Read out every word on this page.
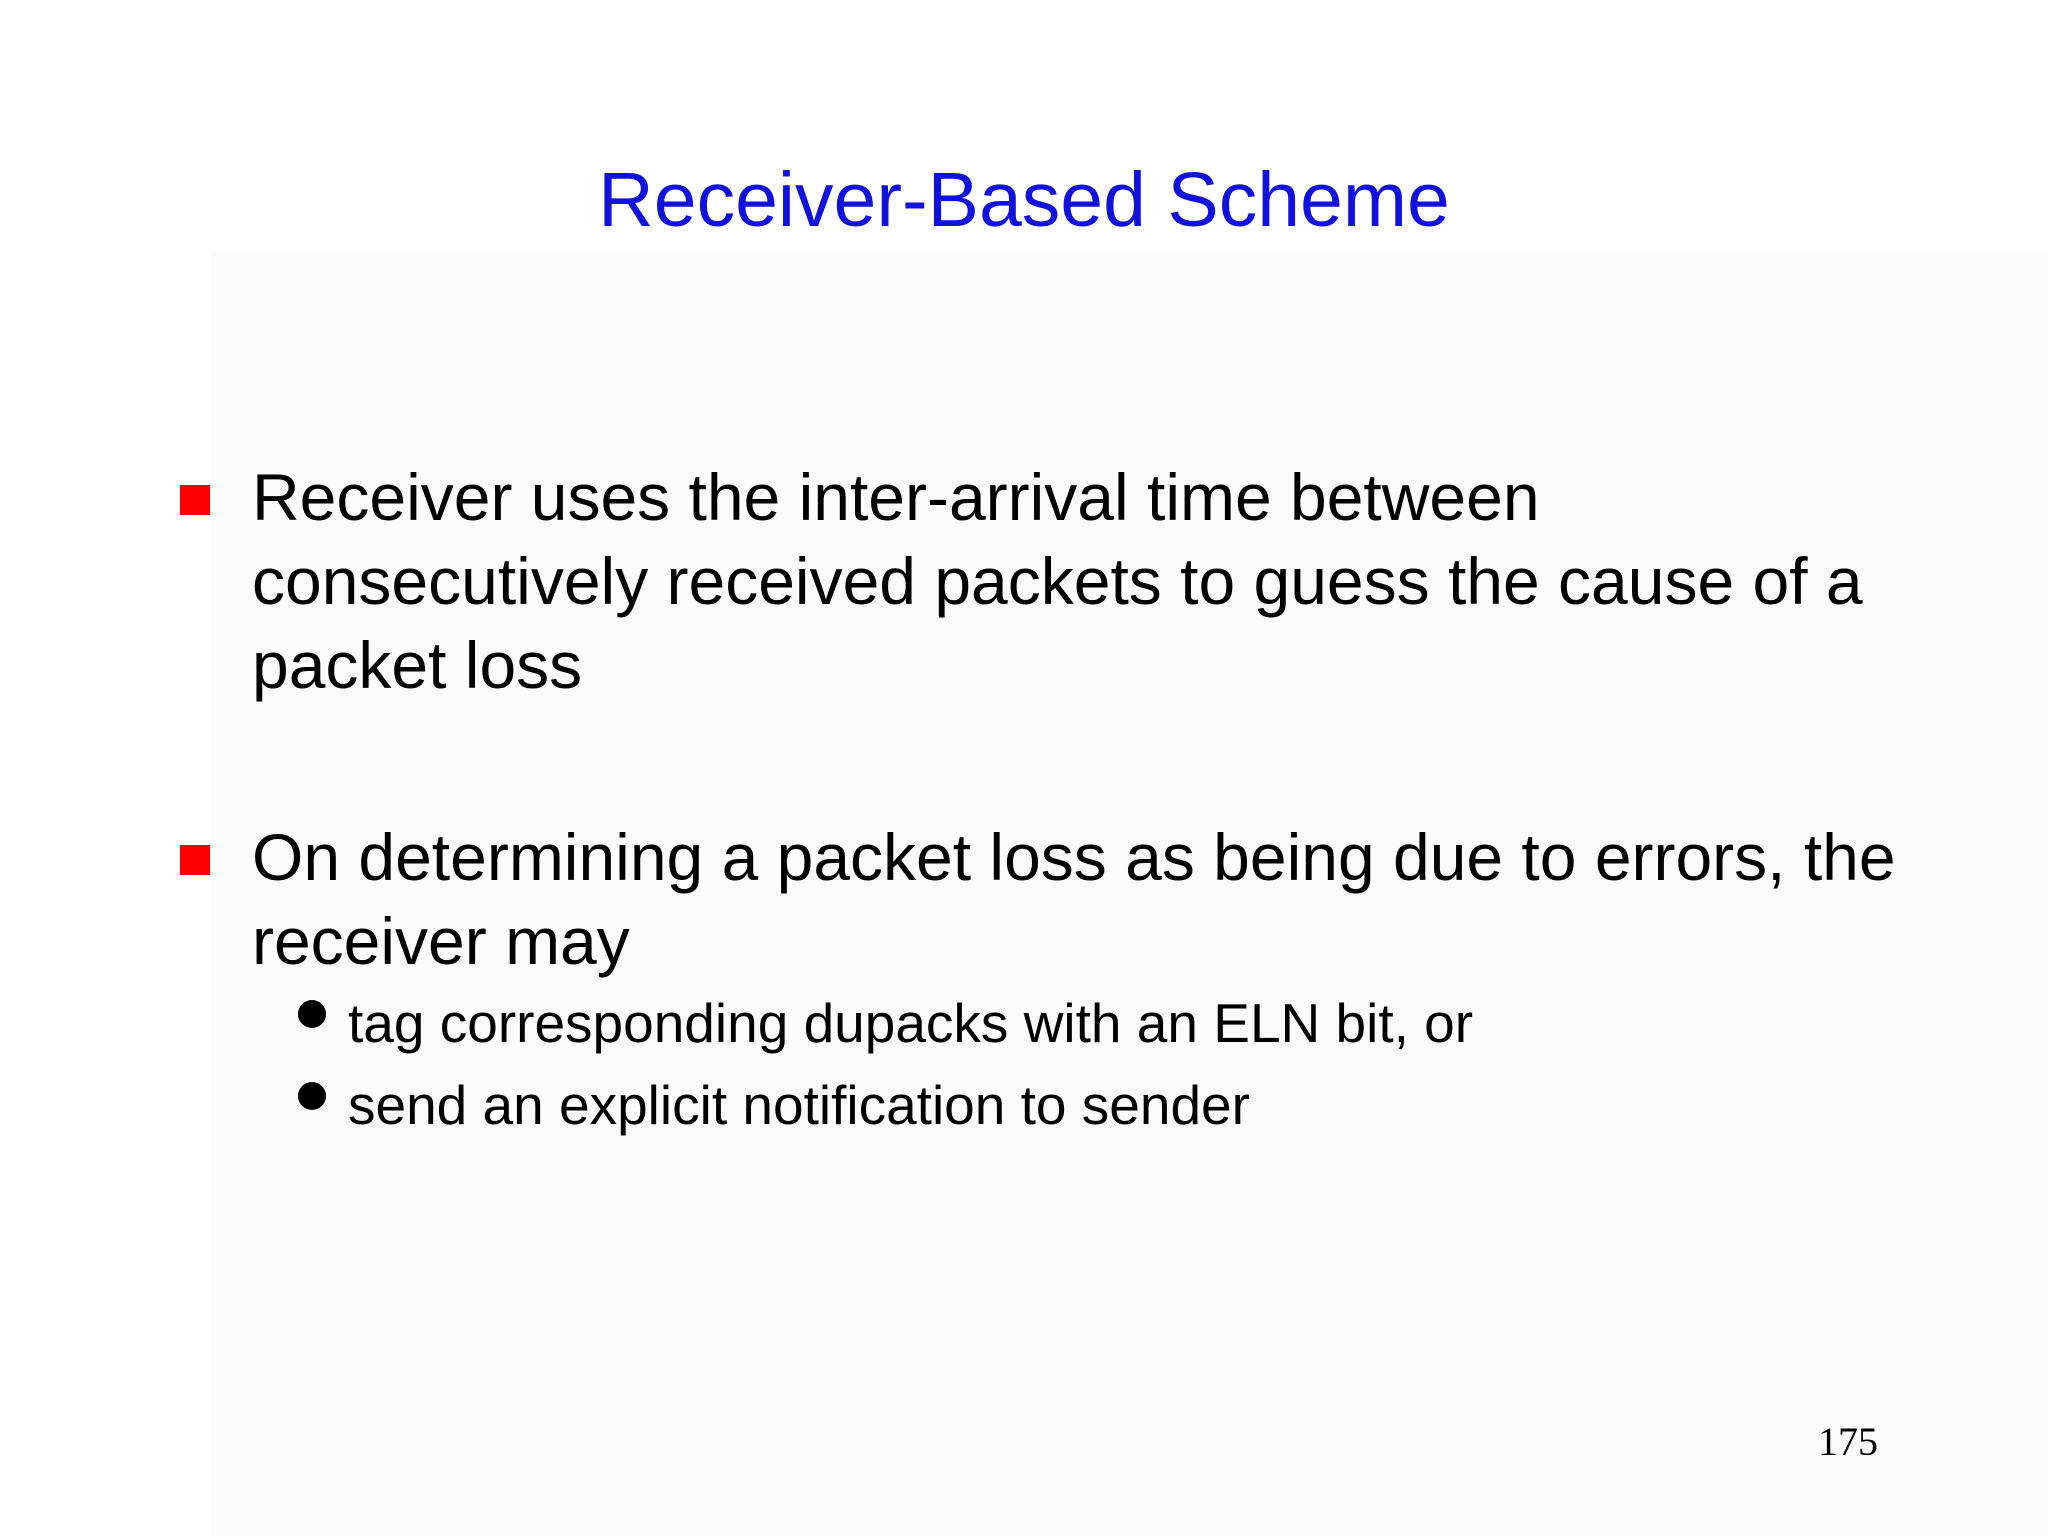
Receiver-Based Scheme
Receiver uses the inter-arrival time between consecutively received packets to guess the cause of a packet loss
On determining a packet loss as being due to errors, the receiver may
tag corresponding dupacks with an ELN bit, or
send an explicit notification to sender
175
